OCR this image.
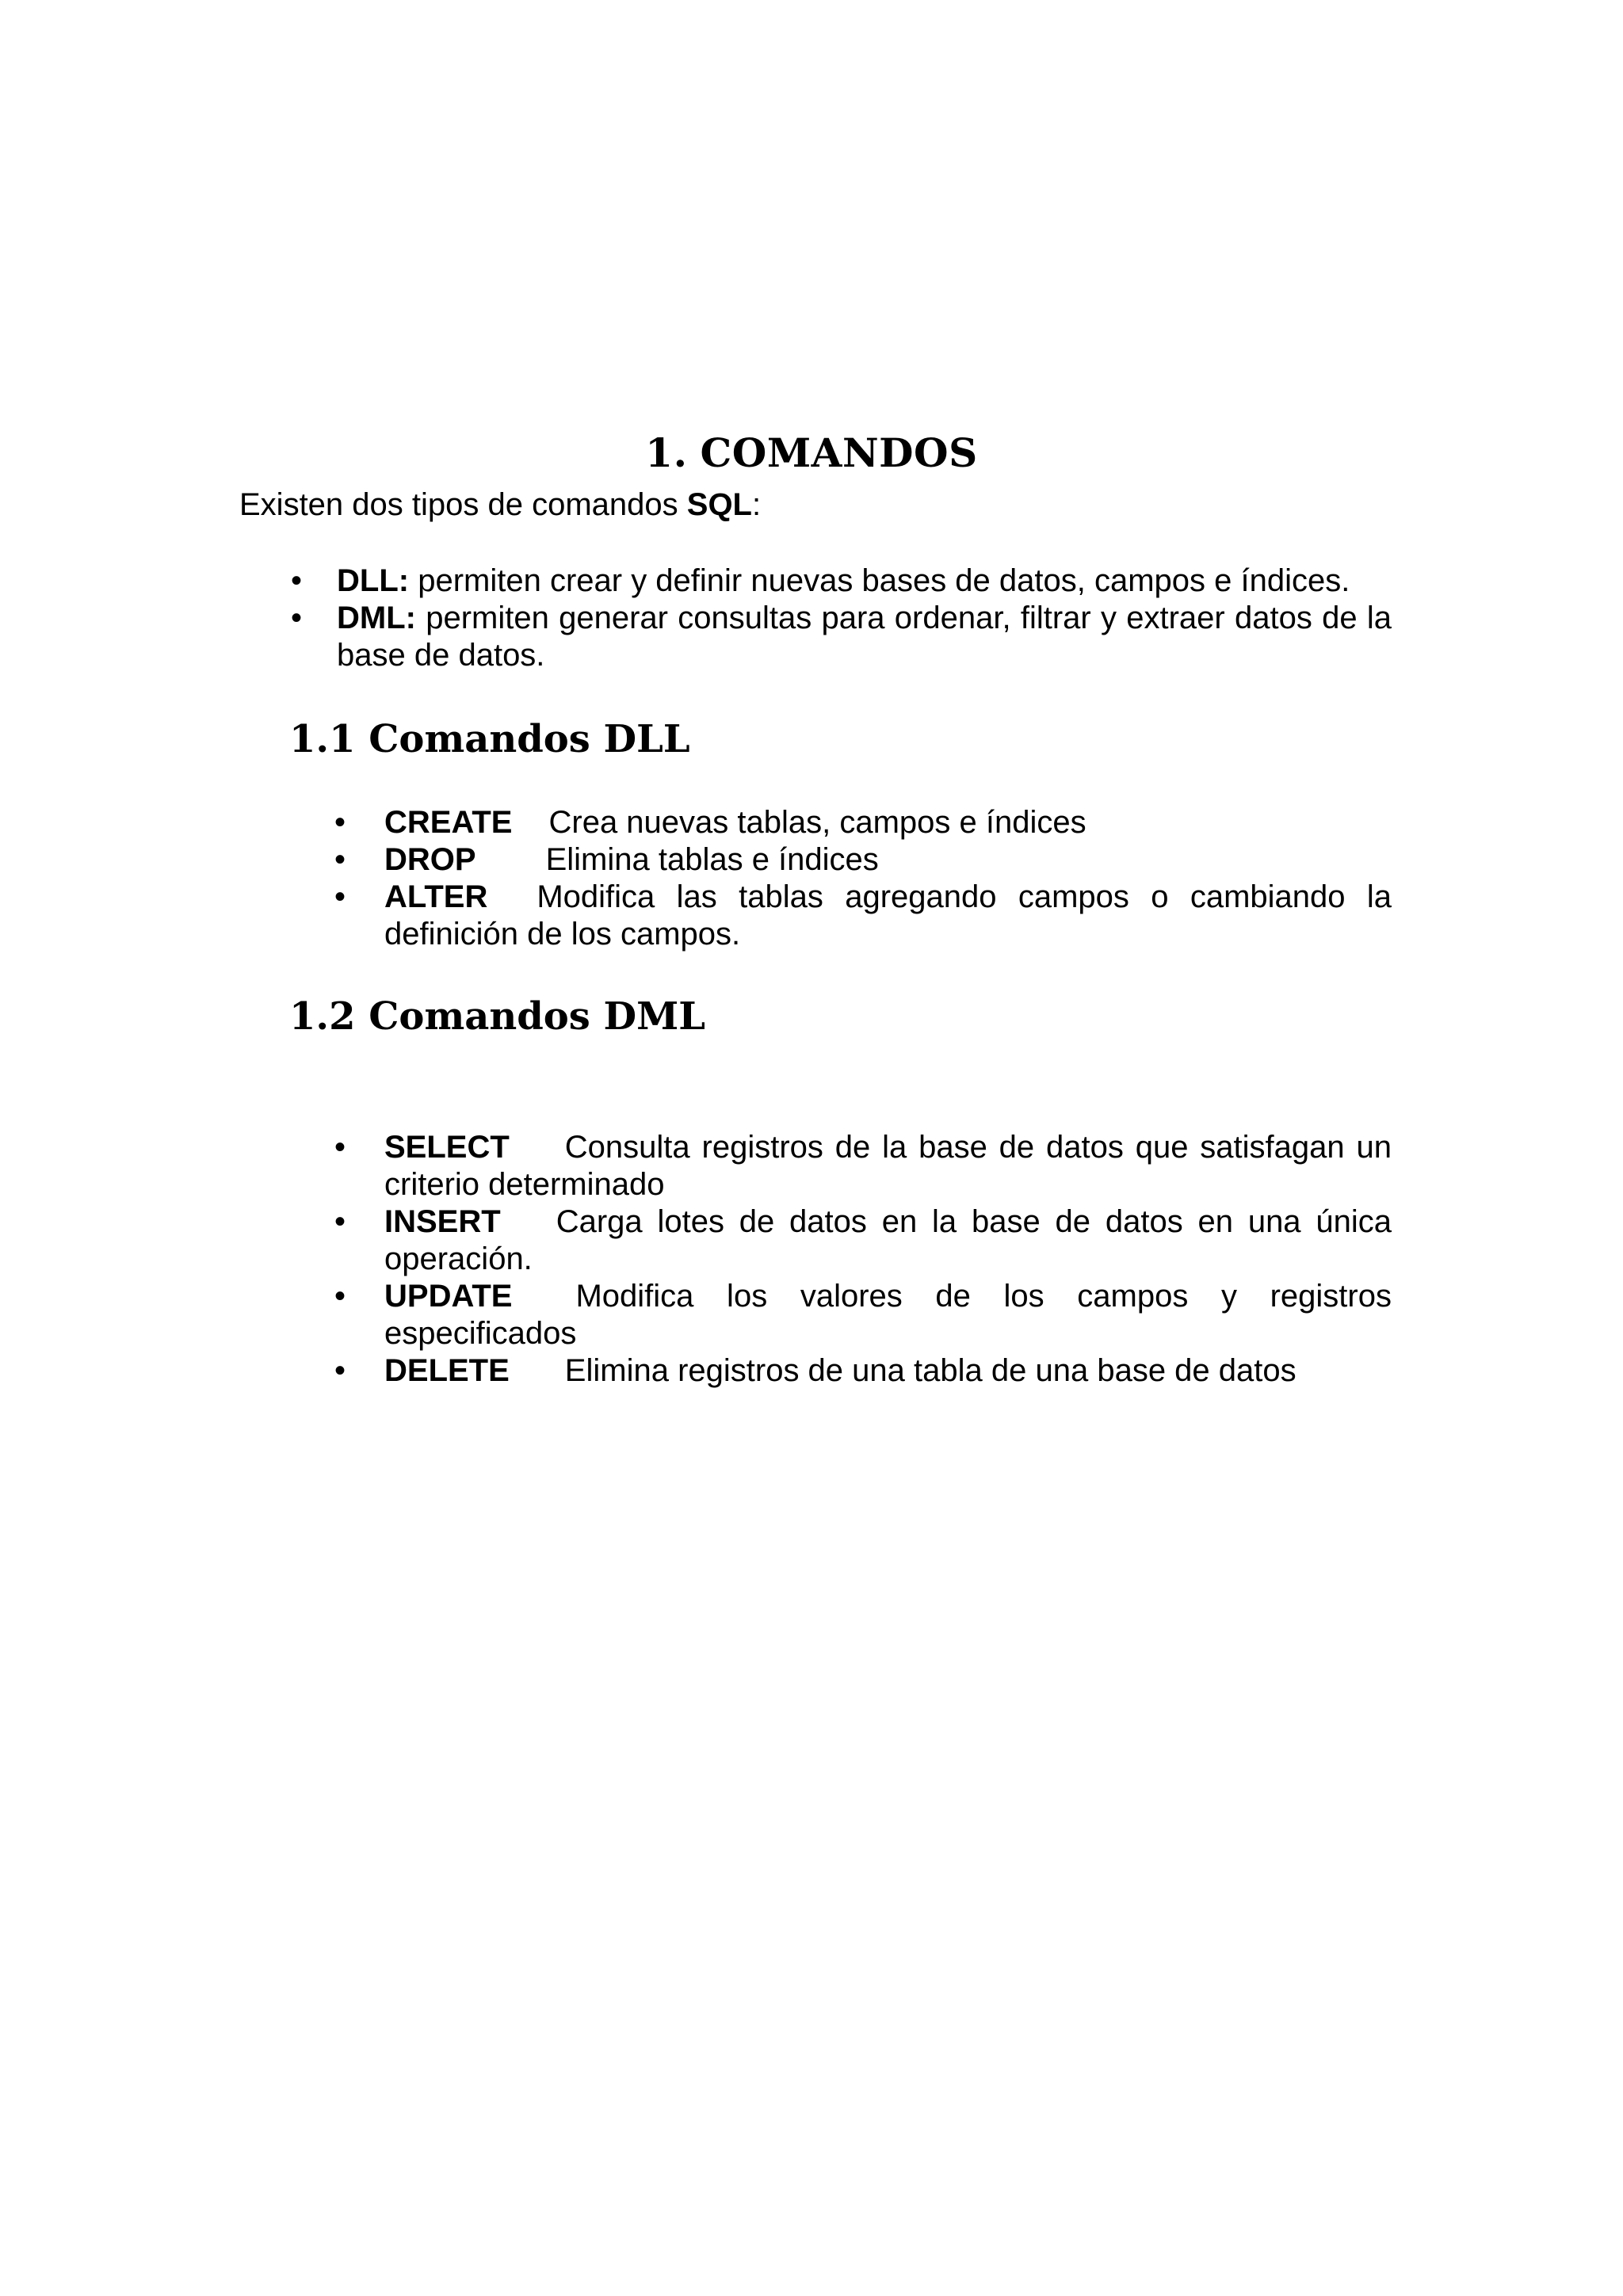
1. COMANDOS

Existen dos tipos de comandos SQL:

• DLL: permiten crear y definir nuevas bases de datos, campos e índices.
• DML: permiten generar consultas para ordenar, filtrar y extraer datos de la base de datos.
1.1 Comandos DLL
• CREATE Crea nuevas tablas, campos e índices
• DROP Elimina tablas e índices
• ALTER Modifica las tablas agregando campos o cambiando la definición de los campos.
1.2 Comandos DML
• SELECT Consulta registros de la base de datos que satisfagan un criterio determinado
• INSERT Carga lotes de datos en la base de datos en una única operación.
• UPDATE Modifica los valores de los campos y registros especificados
• DELETE Elimina registros de una tabla de una base de datos
